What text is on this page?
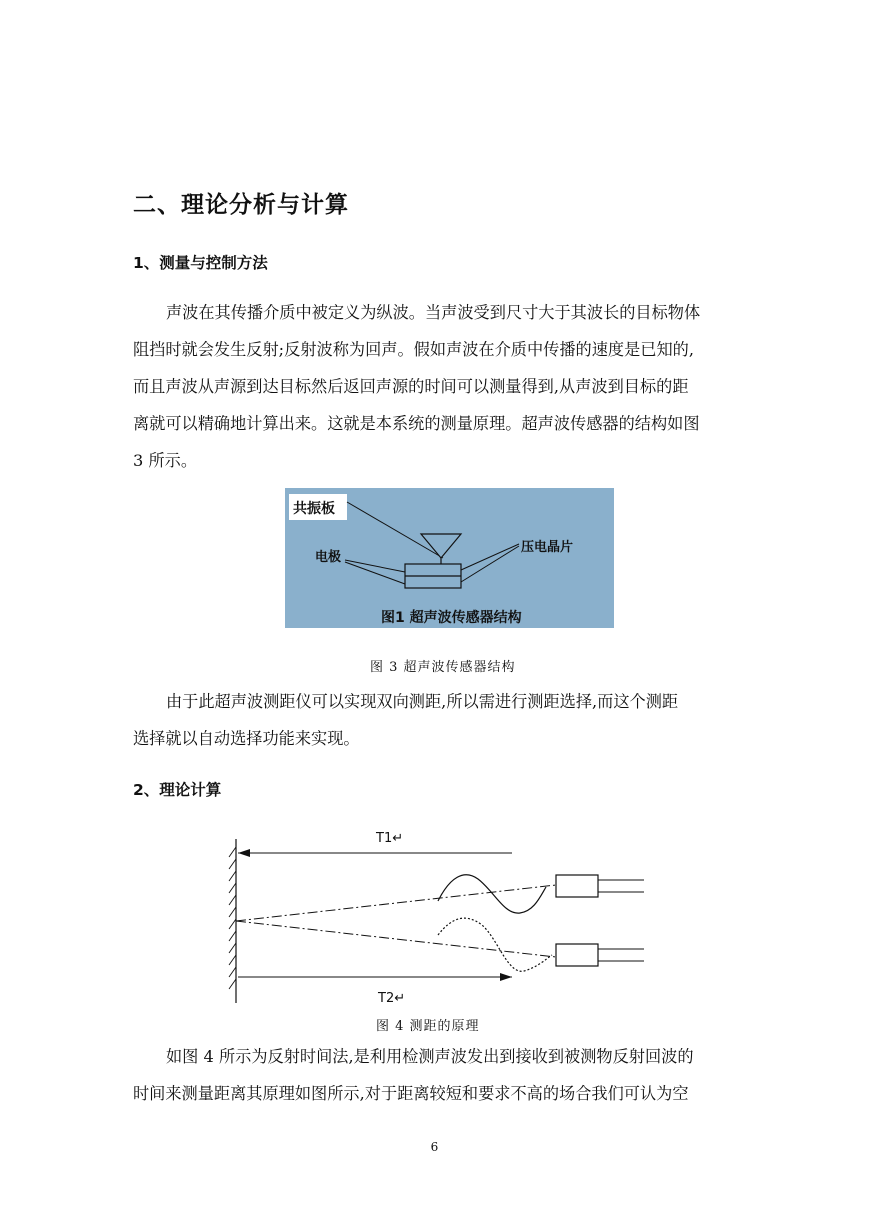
二、理论分析与计算
1、测量与控制方法
声波在其传播介质中被定义为纵波。当声波受到尺寸大于其波长的目标物体
阻挡时就会发生反射;反射波称为回声。假如声波在介质中传播的速度是已知的,
而且声波从声源到达目标然后返回声源的时间可以测量得到,从声波到目标的距
离就可以精确地计算出来。这就是本系统的测量原理。超声波传感器的结构如图
3 所示。
共振板
电极
压电晶片
图1 超声波传感器结构
图 3 超声波传感器结构
由于此超声波测距仪可以实现双向测距,所以需进行测距选择,而这个测距
选择就以自动选择功能来实现。
2、理论计算
T1↵
T2↵
图 4 测距的原理
如图 4 所示为反射时间法,是利用检测声波发出到接收到被测物反射回波的
时间来测量距离其原理如图所示,对于距离较短和要求不高的场合我们可认为空
6
